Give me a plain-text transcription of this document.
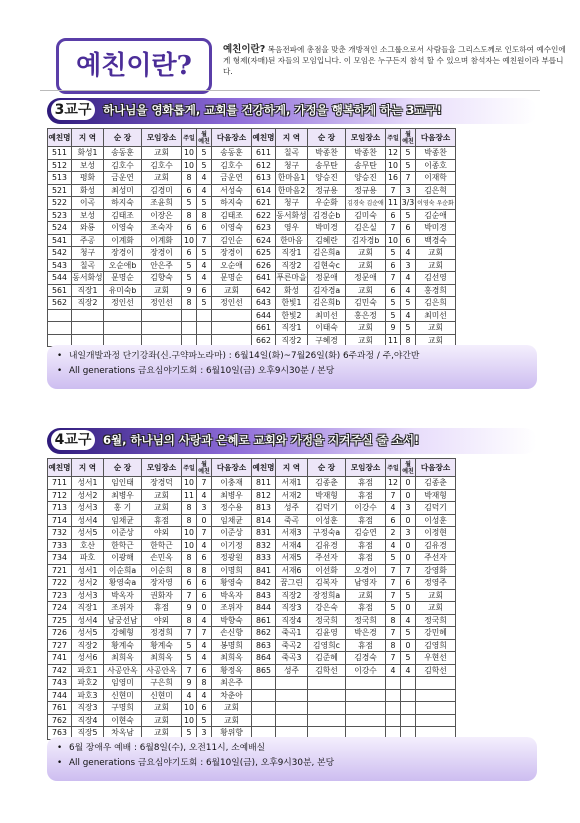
예친이란?
예친이란? 복음전파에 총점을 맞춘 개방적인 소그룹으로서 사람들을 그리스도께로 인도하여 예수인에게 형제(자매)된 자들의 모임입니다. 이 모임은 누구든지 참석 할 수 있으며 참석자는 예친원이라 부릅니다.
3교구	하나님을 영화롭게, 교회를 건강하게, 가정을 행복하게 하는 3교구!
예친명	지 역	순 장	모임장소	주일	월
예친	다음장소	예친명	지 역	순 장	모임장소	주일	월
예친	다음장소
511	화성1	송동훈	교회	10	5	송동훈	611	칠곡	박종찬	박종찬	12	5	박종찬
512	보성	김호수	김호수	10	5	김호수	612	청구	송무탄	송무탄	10	5	이종호
513	평화	금운연	교회	8	4	금운연	613	한마음1	양승진	양승진	16	7	이재학
521	화성	최성미	김경미	6	4	서성숙	614	한마음2	정규용	정규용	7	3	김은혁
522	이곡	하지숙	조윤희	5	5	하지숙	621	청구	우순화	김경숙 김순애	11	3/3	이영숙 우순화
523	보성	김태조	이장은	8	8	김태조	622	동서화성	김경순b	김미숙	6	5	김순애
524	와룡	이영숙	조숙자	6	6	이영숙	623	영우	박미경	김은실	7	6	박미경
541	주공	이계화	이계화	10	7	김인순	624	한마음	김혜란	김자경b	10	6	백경숙
542	청구	장경이	장경이	6	5	장경이	625	직장1	김은희a	교회	5	4	교회
543	칠곡	오순애b	안은주	5	4	오순애	626	직장2	김현숙c	교회	6	3	교회
544	동서화성	문명순	김향숙	5	4	문명순	641	푸른마을	정문애	정문애	7	4	김선영
561	직장1	유미숙b	교회	9	6	교회	642	화성	김자경a	교회	6	4	홍경희
562	직장2	정인선	정인선	8	5	정인선	643	한빛1	김은희b	김민숙	5	5	김은희
							644	한빛2	최미선	홍은정	5	4	최미선
							661	직장1	이태숙	교회	9	5	교회
							662	직장2	구혜경	교회	11	8	교회
• 내일개발과정 단기강좌(신.구약파노라마) : 6월14일(화)~7월26일(화) 6주과정 / 주,야간반
• All generations 금요심야기도회 : 6월10일(금) 오후9시30분 / 본당
4교구	6월, 하나님의 사랑과 은혜로 교회와 가정을 지켜주실 줄 소서!
예친명	지 역	순 장	모임장소	주일	월
예친	다음장소	예친명	지 역	순 장	모임장소	주일	월
예친	다음장소
711	성서1	임인태	장경덕	10	7	이충재	811	서재1	김종춘	휴점	12	0	김종춘
712	성서2	최병우	교회	11	4	최병우	812	서재2	박재형	휴점	7	0	박재형
713	성서3	홍 기	교회	8	3	정수용	813	성주	김덕기	이강수	4	3	김덕기
714	성서4	임채균	휴점	8	0	임채균	814	죽곡	이성훈	휴점	6	0	이성훈
732	성서5	이준상	야외	10	7	이준상	831	서재3	구정숙a	김승연	2	3	이정현
733	호산	한학근	한학근	10	4	이기정	832	서재4	김유경	휴점	4	0	김유경
734	파호	이광해	손민옥	8	6	정광원	833	서재5	주선자	휴점	5	0	주선자
721	성서1	이순희a	이순희	8	8	이명희	841	서재6	이선화	오경이	7	7	강영화
722	성서2	황영숙a	장자영	6	6	황영숙	842	꿈그린	김복자	남영자	7	6	정영주
723	성서3	박옥자	권화자	7	6	박옥자	843	직장2	장정희a	교회	7	5	교회
724	직장1	조위자	휴점	9	0	조위자	844	직장3	강은숙	휴점	5	0	교회
725	성서4	남궁선남	야외	8	4	박향숙	861	직장4	정국희	정국희	8	4	정국희
726	성서5	강혜형	정경희	7	7	손신향	862	죽곡1	김윤영	박은경	7	5	강민혜
727	직장2	황계숙	황계숙	5	4	봉명희	863	죽곡2	김영희c	휴점	8	0	김영희
741	성서6	최희옥	최희옥	5	4	최희옥	864	죽곡3	김준혜	김경숙	7	5	우현선
742	파호1	사공안옥	사공안옥	7	6	황정옥	865	성주	김학선	이강수	4	4	김학선
743	파호2	임영미	구은희	9	8	최은주							
744	파호3	신현미	신현미	4	4	차춘아							
761	직장3	구명희	교회	10	6	교회							
762	직장4	이현숙	교회	10	5	교회							
763	직장5	차옥남	교회	5	3	황위향							
• 6월 장애우 예배 : 6월8일(수), 오전11시, 소예배실
• All generations 금요심야기도회 : 6월10일(금), 오후9시30분, 본당
